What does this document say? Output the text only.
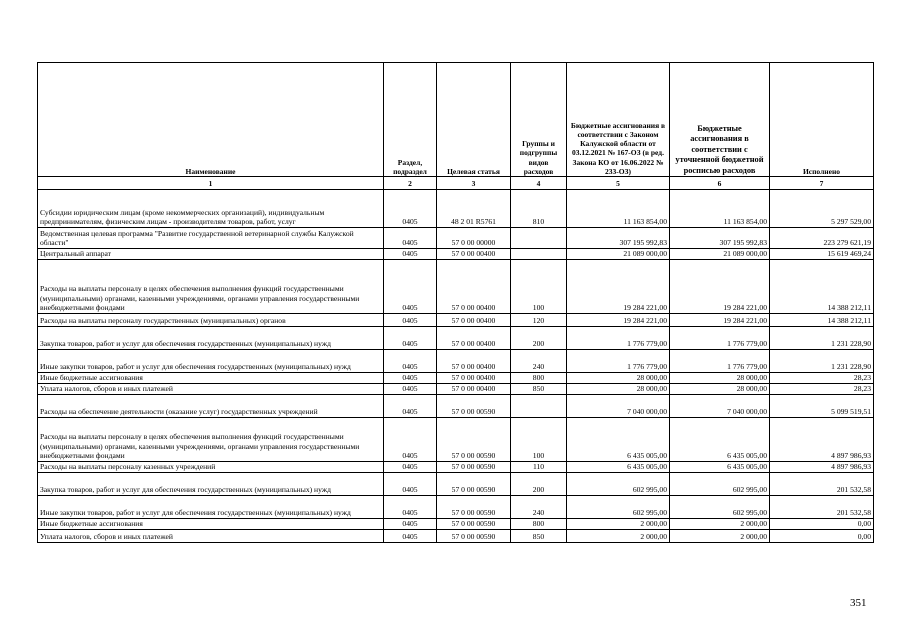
Наименование	Раздел, подраздел	Целевая статья	Группы и подгруппы видов расходов	Бюджетные ассигнования в соответствии с Законом Калужской области от 03.12.2021 № 167-ОЗ (в ред. Закона КО от 16.06.2022 № 233-ОЗ)	Бюджетные ассигнования в соответствии с уточненной бюджетной росписью расходов	Исполнено
1	2	3	4	5	6	7
Субсидии юридическим лицам (кроме некоммерческих организаций), индивидуальным предпринимателям, физическим лицам - производителям товаров, работ, услуг	0405	48 2 01 R5761	810	11 163 854,00	11 163 854,00	5 297 529,00
Ведомственная целевая программа "Развитие государственной ветеринарной службы Калужской области"	0405	57 0 00 00000		307 195 992,83	307 195 992,83	223 279 621,19
Центральный аппарат	0405	57 0 00 00400		21 089 000,00	21 089 000,00	15 619 469,24
Расходы на выплаты персоналу в целях обеспечения выполнения функций государственными (муниципальными) органами, казенными учреждениями, органами управления государственными внебюджетными фондами	0405	57 0 00 00400	100	19 284 221,00	19 284 221,00	14 388 212,11
Расходы на выплаты персоналу государственных (муниципальных) органов	0405	57 0 00 00400	120	19 284 221,00	19 284 221,00	14 388 212,11
Закупка товаров, работ и услуг для обеспечения государственных (муниципальных) нужд	0405	57 0 00 00400	200	1 776 779,00	1 776 779,00	1 231 228,90
Иные закупки товаров, работ и услуг для обеспечения государственных (муниципальных) нужд	0405	57 0 00 00400	240	1 776 779,00	1 776 779,00	1 231 228,90
Иные бюджетные ассигнования	0405	57 0 00 00400	800	28 000,00	28 000,00	28,23
Уплата налогов, сборов и иных платежей	0405	57 0 00 00400	850	28 000,00	28 000,00	28,23
Расходы на обеспечение деятельности (оказание услуг) государственных учреждений	0405	57 0 00 00590		7 040 000,00	7 040 000,00	5 099 519,51
Расходы на выплаты персоналу в целях обеспечения выполнения функций государственными (муниципальными) органами, казенными учреждениями, органами управления государственными внебюджетными фондами	0405	57 0 00 00590	100	6 435 005,00	6 435 005,00	4 897 986,93
Расходы на выплаты персоналу казенных учреждений	0405	57 0 00 00590	110	6 435 005,00	6 435 005,00	4 897 986,93
Закупка товаров, работ и услуг для обеспечения государственных (муниципальных) нужд	0405	57 0 00 00590	200	602 995,00	602 995,00	201 532,58
Иные закупки товаров, работ и услуг для обеспечения государственных (муниципальных) нужд	0405	57 0 00 00590	240	602 995,00	602 995,00	201 532,58
Иные бюджетные ассигнования	0405	57 0 00 00590	800	2 000,00	2 000,00	0,00
Уплата налогов, сборов и иных платежей	0405	57 0 00 00590	850	2 000,00	2 000,00	0,00
351
